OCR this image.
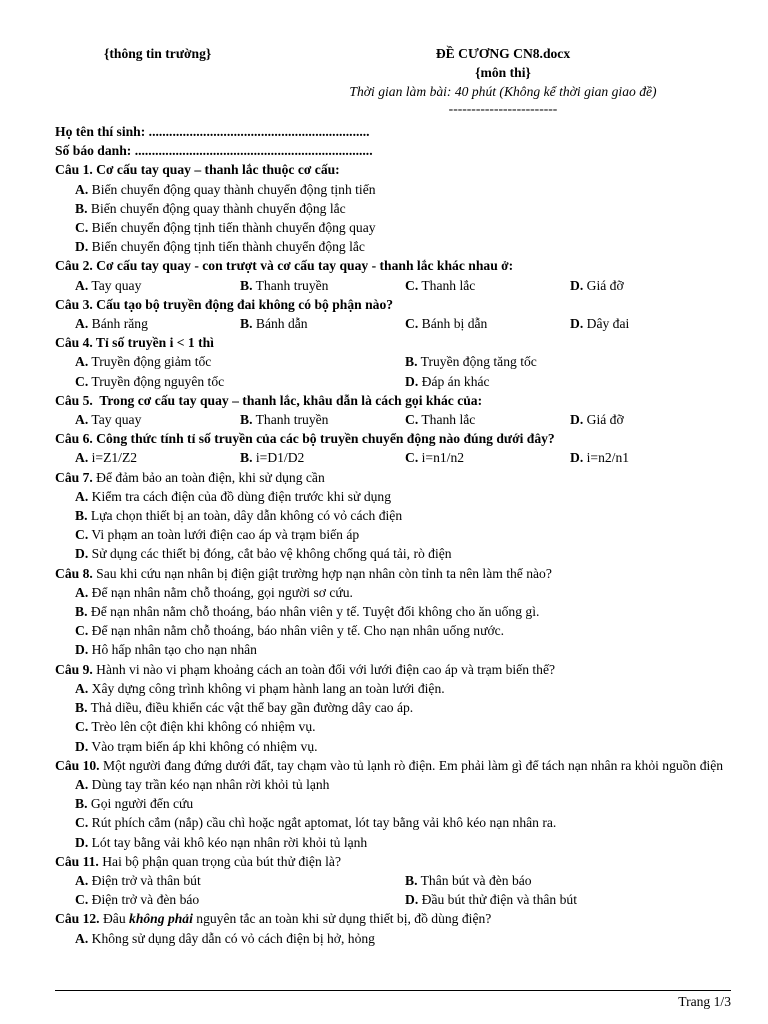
{thông tin trường}	ĐỀ CƯƠNG CN8.docx
{môn thi}
Thời gian làm bài: 40 phút (Không kể thời gian giao đề)
------------------------
Họ tên thí sinh: .................................................................
Số báo danh: ......................................................................
Câu 1. Cơ cấu tay quay – thanh lắc thuộc cơ cấu:
A. Biến chuyển động quay thành chuyển động tịnh tiến
B. Biến chuyển động quay thành chuyển động lắc
C. Biến chuyển động tịnh tiến thành chuyển động quay
D. Biến chuyển động tịnh tiến thành chuyển động lắc
Câu 2. Cơ cấu tay quay - con trượt và cơ cấu tay quay - thanh lắc khác nhau ở:
A. Tay quay	B. Thanh truyền	C. Thanh lắc	D. Giá đỡ
Câu 3. Cấu tạo bộ truyền động đai không có bộ phận nào?
A. Bánh răng	B. Bánh dẫn	C. Bánh bị dẫn	D. Dây đai
Câu 4. Tỉ số truyền i < 1 thì
A. Truyền động giảm tốc	B. Truyền động tăng tốc
C. Truyền động nguyên tốc	D. Đáp án khác
Câu 5.  Trong cơ cấu tay quay – thanh lắc, khâu dẫn là cách gọi khác của:
A. Tay quay	B. Thanh truyền	C. Thanh lắc	D. Giá đỡ
Câu 6. Công thức tính tỉ số truyền của các bộ truyền chuyển động nào đúng dưới đây?
A. i=Z1/Z2	B. i=D1/D2	C. i=n1/n2	D. i=n2/n1
Câu 7. Để đảm bảo an toàn điện, khi sử dụng cần
A. Kiểm tra cách điện của đồ dùng điện trước khi sử dụng
B. Lựa chọn thiết bị an toàn, dây dẫn không có vỏ cách điện
C. Vi phạm an toàn lưới điện cao áp và trạm biến áp
D. Sử dụng các thiết bị đóng, cắt bảo vệ không chống quá tải, rò điện
Câu 8. Sau khi cứu nạn nhân bị điện giật trường hợp nạn nhân còn tỉnh ta nên làm thế nào?
A. Để nạn nhân nằm chỗ thoáng, gọi người sơ cứu.
B. Để nạn nhân nằm chỗ thoáng, báo nhân viên y tế. Tuyệt đối không cho ăn uống gì.
C. Để nạn nhân nằm chỗ thoáng, báo nhân viên y tế. Cho nạn nhân uống nước.
D. Hô hấp nhân tạo cho nạn nhân
Câu 9. Hành vi nào vi phạm khoảng cách an toàn đối với lưới điện cao áp và trạm biến thế?
A. Xây dựng công trình không vi phạm hành lang an toàn lưới điện.
B. Thả diều, điều khiển các vật thể bay gần đường dây cao áp.
C. Trèo lên cột điện khi không có nhiệm vụ.
D. Vào trạm biến áp khi không có nhiệm vụ.
Câu 10. Một người đang đứng dưới đất, tay chạm vào tủ lạnh rò điện. Em phải làm gì để tách nạn nhân ra khỏi nguồn điện
A. Dùng tay trần kéo nạn nhân rời khỏi tủ lạnh
B. Gọi người đến cứu
C. Rút phích cắm (nắp) cầu chì hoặc ngắt aptomat, lót tay bằng vải khô kéo nạn nhân ra.
D. Lót tay bằng vải khô kéo nạn nhân rời khỏi tủ lạnh
Câu 11. Hai bộ phận quan trọng của bút thử điện là?
A. Điện trở và thân bút	B. Thân bút và đèn báo
C. Điện trở và đèn báo	D. Đầu bút thử điện và thân bút
Câu 12. Đâu không phải nguyên tắc an toàn khi sử dụng thiết bị, đồ dùng điện?
A. Không sử dụng dây dẫn có vỏ cách điện bị hở, hỏng
Trang 1/3
